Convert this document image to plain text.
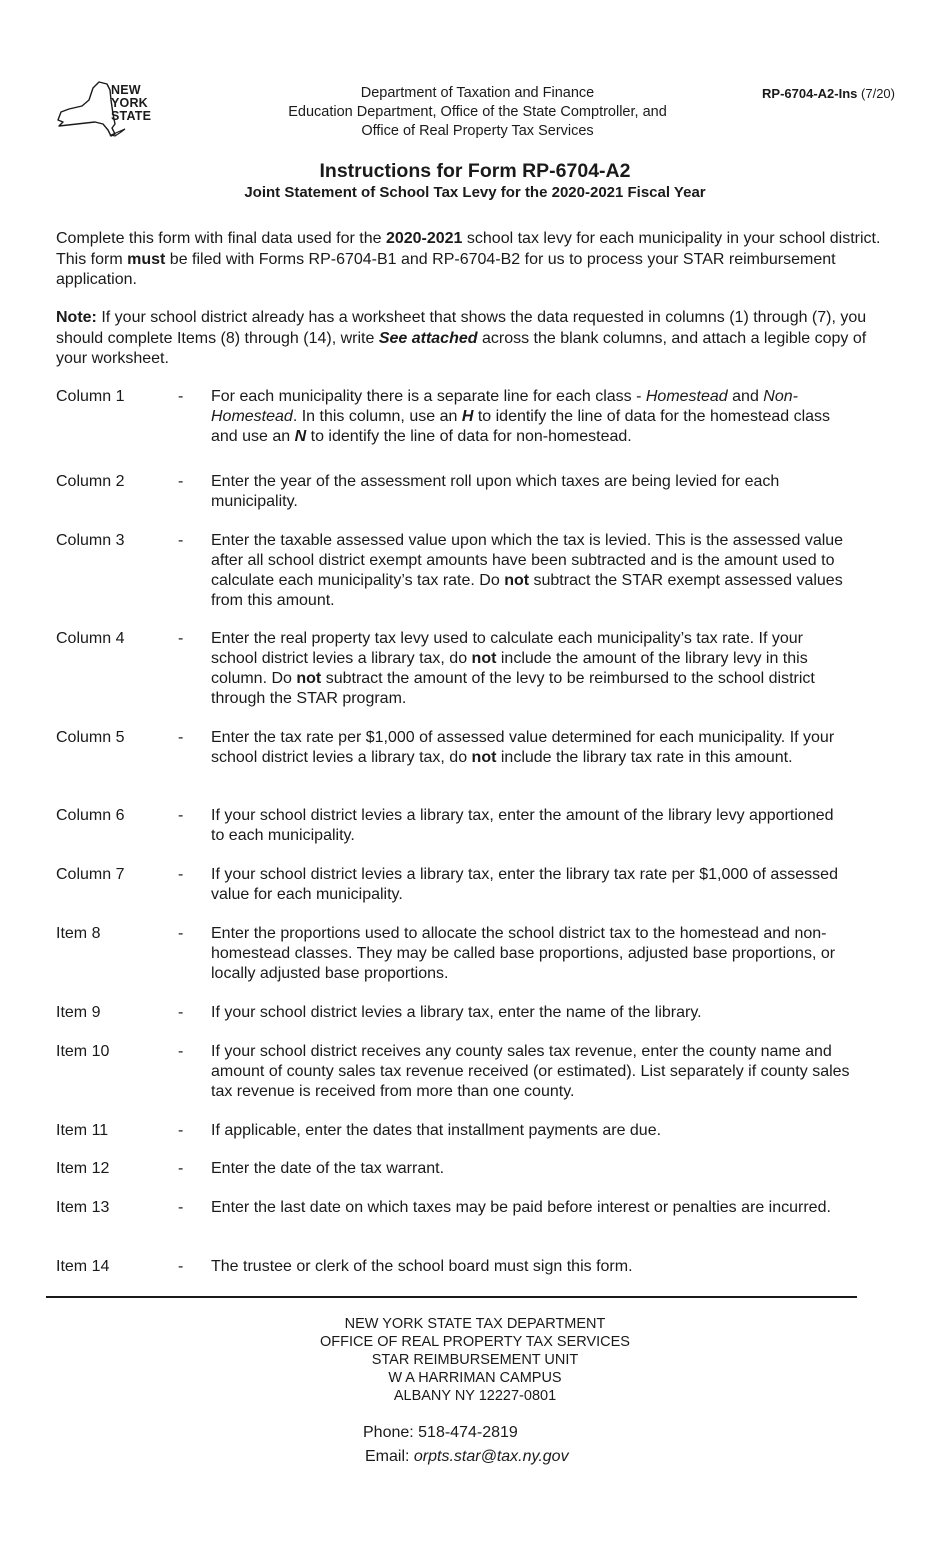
NEW
YORK
STATE
Department of Taxation and Finance
Education Department, Office of the State Comptroller, and
Office of Real Property Tax Services
RP-6704-A2-Ins (7/20)
Instructions for Form RP-6704-A2
Joint Statement of School Tax Levy for the 2020-2021 Fiscal Year
Complete this form with final data used for the 2020-2021 school tax levy for each municipality in your school district. This form must be filed with Forms RP-6704-B1 and RP-6704-B2 for us to process your STAR reimbursement application.
Note: If your school district already has a worksheet that shows the data requested in columns (1) through (7), you should complete Items (8) through (14), write See attached across the blank columns, and attach a legible copy of your worksheet.
Column 1	- For each municipality there is a separate line for each class - Homestead and Non-Homestead. In this column, use an H to identify the line of data for the homestead class and use an N to identify the line of data for non-homestead.
Column 2	- Enter the year of the assessment roll upon which taxes are being levied for each municipality.
Column 3	- Enter the taxable assessed value upon which the tax is levied. This is the assessed value after all school district exempt amounts have been subtracted and is the amount used to calculate each municipality’s tax rate. Do not subtract the STAR exempt assessed values from this amount.
Column 4	- Enter the real property tax levy used to calculate each municipality’s tax rate. If your school district levies a library tax, do not include the amount of the library levy in this column. Do not subtract the amount of the levy to be reimbursed to the school district through the STAR program.
Column 5	- Enter the tax rate per $1,000 of assessed value determined for each municipality. If your school district levies a library tax, do not include the library tax rate in this amount.
Column 6	- If your school district levies a library tax, enter the amount of the library levy apportioned to each municipality.
Column 7	- If your school district levies a library tax, enter the library tax rate per $1,000 of assessed value for each municipality.
Item 8	- Enter the proportions used to allocate the school district tax to the homestead and non-homestead classes. They may be called base proportions, adjusted base proportions, or locally adjusted base proportions.
Item 9	- If your school district levies a library tax, enter the name of the library.
Item 10	- If your school district receives any county sales tax revenue, enter the county name and amount of county sales tax revenue received (or estimated). List separately if county sales tax revenue is received from more than one county.
Item 11	- If applicable, enter the dates that installment payments are due.
Item 12	- Enter the date of the tax warrant.
Item 13	- Enter the last date on which taxes may be paid before interest or penalties are incurred.
Item 14	- The trustee or clerk of the school board must sign this form.
NEW YORK STATE TAX DEPARTMENT
OFFICE OF REAL PROPERTY TAX SERVICES
STAR REIMBURSEMENT UNIT
W A HARRIMAN CAMPUS
ALBANY NY 12227-0801
Phone: 518-474-2819
Email: orpts.star@tax.ny.gov
